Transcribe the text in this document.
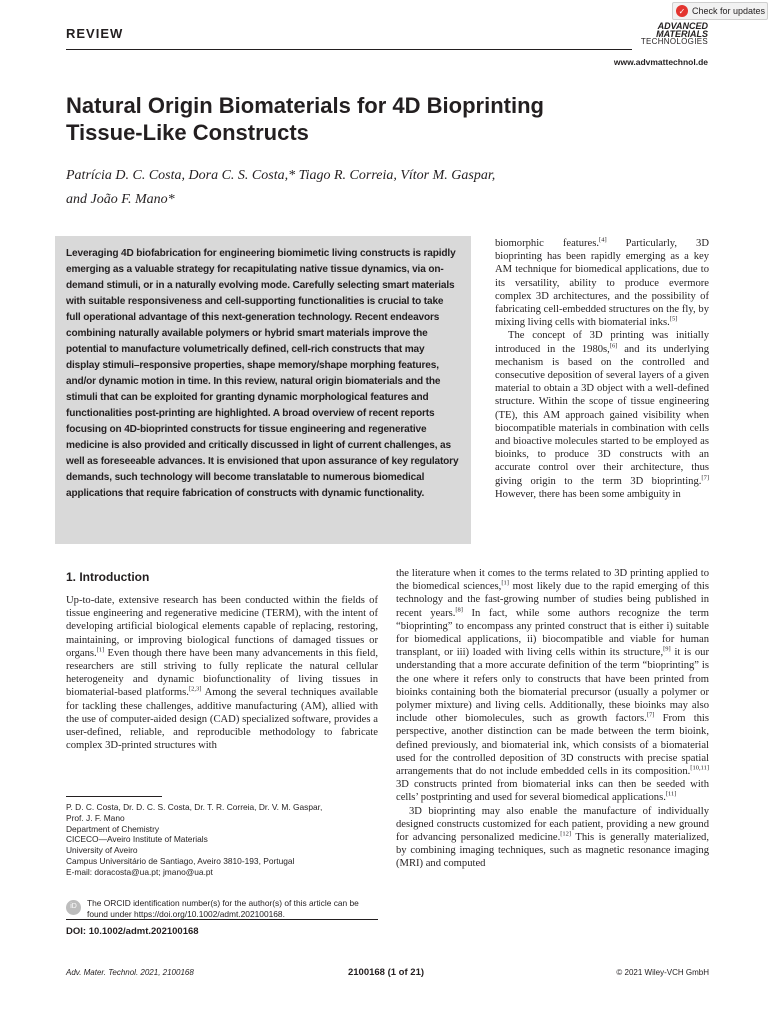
✓ Check for updates
REVIEW	ADVANCED
MATERIALS
TECHNOLOGIES
www.advmattechnol.de
Natural Origin Biomaterials for 4D Bioprinting
Tissue-Like Constructs
Patrícia D. C. Costa, Dora C. S. Costa,* Tiago R. Correia, Vítor M. Gaspar,
and João F. Mano*
Leveraging 4D biofabrication for engineering biomimetic living constructs is rapidly emerging as a valuable strategy for recapitulating native tissue dynamics, via on-demand stimuli, or in a naturally evolving mode. Carefully selecting smart materials with suitable responsiveness and cell-supporting functionalities is crucial to take full operational advantage of this next-generation technology. Recent endeavors combining naturally available polymers or hybrid smart materials improve the potential to manufacture volumetrically defined, cell-rich constructs that may display stimuli–responsive properties, shape memory/shape morphing features, and/or dynamic motion in time. In this review, natural origin biomaterials and the stimuli that can be exploited for granting dynamic morphological features and functionalities post-printing are highlighted. A broad overview of recent reports focusing on 4D-bioprinted constructs for tissue engineering and regenerative medicine is also provided and critically discussed in light of current challenges, as well as foreseeable advances. It is envisioned that upon assurance of key regulatory demands, such technology will become translatable to numerous biomedical applications that require fabrication of constructs with dynamic functionality.

biomorphic features.[4] Particularly, 3D bioprinting has been rapidly emerging as a key AM technique for biomedical applications, due to its versatility, ability to produce evermore complex 3D architectures, and the possibility of fabricating cell-embedded structures on the fly, by mixing living cells with biomaterial inks.[5]

The concept of 3D printing was initially introduced in the 1980s,[6] and its underlying mechanism is based on the controlled and consecutive deposition of several layers of a given material to obtain a 3D object with a well-defined structure. Within the scope of tissue engineering (TE), this AM approach gained visibility when biocompatible materials in combination with cells and bioactive molecules started to be employed as bioinks, to produce 3D constructs with an accurate control over their architecture, thus giving origin to the term 3D bioprinting.[7] However, there has been some ambiguity in

1. Introduction

Up-to-date, extensive research has been conducted within the fields of tissue engineering and regenerative medicine (TERM), with the intent of developing artificial biological elements capable of replacing, restoring, maintaining, or improving biological functions of damaged tissues or organs.[1] Even though there have been many advancements in this field, researchers are still striving to fully replicate the natural cellular heterogeneity and dynamic biofunctionality of living tissues in biomaterial-based platforms.[2,3] Among the several techniques available for tackling these challenges, additive manufacturing (AM), allied with the use of computer-aided design (CAD) specialized software, provides a user-defined, reliable, and reproducible methodology to fabricate complex 3D-printed structures with

the literature when it comes to the terms related to 3D printing applied to the biomedical sciences,[1] most likely due to the rapid emerging of this technology and the fast-growing number of studies being published in recent years.[8] In fact, while some authors recognize the term “bioprinting” to encompass any printed construct that is either i) suitable for biomedical applications, ii) biocompatible and viable for human transplant, or iii) loaded with living cells within its structure,[9] it is our understanding that a more accurate definition of the term “bioprinting” is the one where it refers only to constructs that have been printed from bioinks containing both the biomaterial precursor (usually a polymer or polymer mixture) and living cells. Additionally, these bioinks may also include other biomolecules, such as growth factors.[7] From this perspective, another distinction can be made between the term bioink, defined previously, and biomaterial ink, which consists of a biomaterial used for the controlled deposition of 3D constructs with precise spatial arrangements that do not include embedded cells in its composition.[10,11] 3D constructs printed from biomaterial inks can then be seeded with cells’ postprinting and used for several biomedical applications.[11]

3D bioprinting may also enable the manufacture of individually designed constructs customized for each patient, providing a new ground for advancing personalized medicine.[12] This is generally materialized, by combining imaging techniques, such as magnetic resonance imaging (MRI) and computed

P. D. C. Costa, Dr. D. C. S. Costa, Dr. T. R. Correia, Dr. V. M. Gaspar,
Prof. J. F. Mano
Department of Chemistry
CICECO—Aveiro Institute of Materials
University of Aveiro
Campus Universitário de Santiago, Aveiro 3810-193, Portugal
E-mail: doracosta@ua.pt; jmano@ua.pt
iD	The ORCID identification number(s) for the author(s) of this article can be found under https://doi.org/10.1002/admt.202100168.
DOI: 10.1002/admt.202100168
Adv. Mater. Technol. 2021, 2100168	2100168 (1 of 21)	© 2021 Wiley-VCH GmbH
